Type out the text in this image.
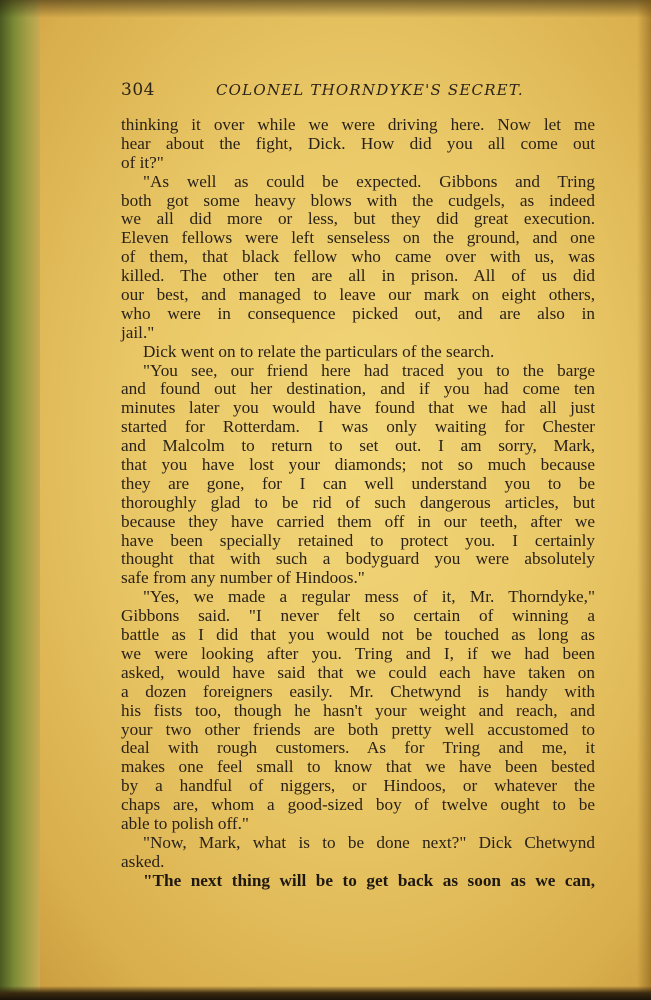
304	COLONEL THORNDYKE'S SECRET.
thinking it over while we were driving here. Now let me
hear about the fight, Dick. How did you all come out
of it?"
"As well as could be expected. Gibbons and Tring
both got some heavy blows with the cudgels, as indeed
we all did more or less, but they did great execution.
Eleven fellows were left senseless on the ground, and one
of them, that black fellow who came over with us, was
killed. The other ten are all in prison. All of us did
our best, and managed to leave our mark on eight others,
who were in consequence picked out, and are also in
jail."
Dick went on to relate the particulars of the search.
"You see, our friend here had traced you to the barge
and found out her destination, and if you had come ten
minutes later you would have found that we had all just
started for Rotterdam. I was only waiting for Chester
and Malcolm to return to set out. I am sorry, Mark,
that you have lost your diamonds; not so much because
they are gone, for I can well understand you to be
thoroughly glad to be rid of such dangerous articles, but
because they have carried them off in our teeth, after we
have been specially retained to protect you. I certainly
thought that with such a bodyguard you were absolutely
safe from any number of Hindoos."
"Yes, we made a regular mess of it, Mr. Thorndyke,"
Gibbons said. "I never felt so certain of winning a
battle as I did that you would not be touched as long as
we were looking after you. Tring and I, if we had been
asked, would have said that we could each have taken on
a dozen foreigners easily. Mr. Chetwynd is handy with
his fists too, though he hasn't your weight and reach, and
your two other friends are both pretty well accustomed to
deal with rough customers. As for Tring and me, it
makes one feel small to know that we have been bested
by a handful of niggers, or Hindoos, or whatever the
chaps are, whom a good-sized boy of twelve ought to be
able to polish off."
"Now, Mark, what is to be done next?" Dick Chetwynd
asked.
"The next thing will be to get back as soon as we can,
